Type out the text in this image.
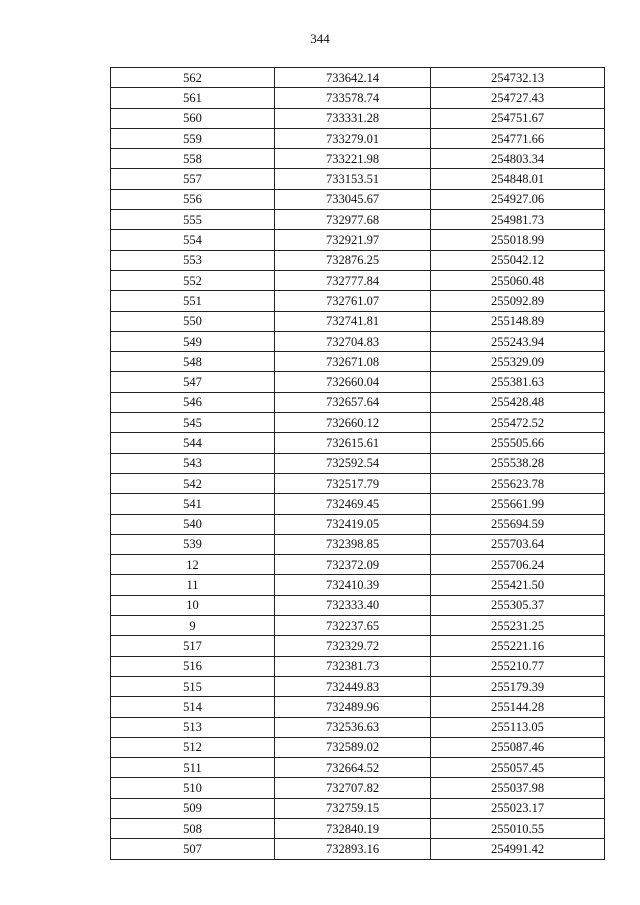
344
562	733642.14	254732.13
561	733578.74	254727.43
560	733331.28	254751.67
559	733279.01	254771.66
558	733221.98	254803.34
557	733153.51	254848.01
556	733045.67	254927.06
555	732977.68	254981.73
554	732921.97	255018.99
553	732876.25	255042.12
552	732777.84	255060.48
551	732761.07	255092.89
550	732741.81	255148.89
549	732704.83	255243.94
548	732671.08	255329.09
547	732660.04	255381.63
546	732657.64	255428.48
545	732660.12	255472.52
544	732615.61	255505.66
543	732592.54	255538.28
542	732517.79	255623.78
541	732469.45	255661.99
540	732419.05	255694.59
539	732398.85	255703.64
12	732372.09	255706.24
11	732410.39	255421.50
10	732333.40	255305.37
9	732237.65	255231.25
517	732329.72	255221.16
516	732381.73	255210.77
515	732449.83	255179.39
514	732489.96	255144.28
513	732536.63	255113.05
512	732589.02	255087.46
511	732664.52	255057.45
510	732707.82	255037.98
509	732759.15	255023.17
508	732840.19	255010.55
507	732893.16	254991.42
